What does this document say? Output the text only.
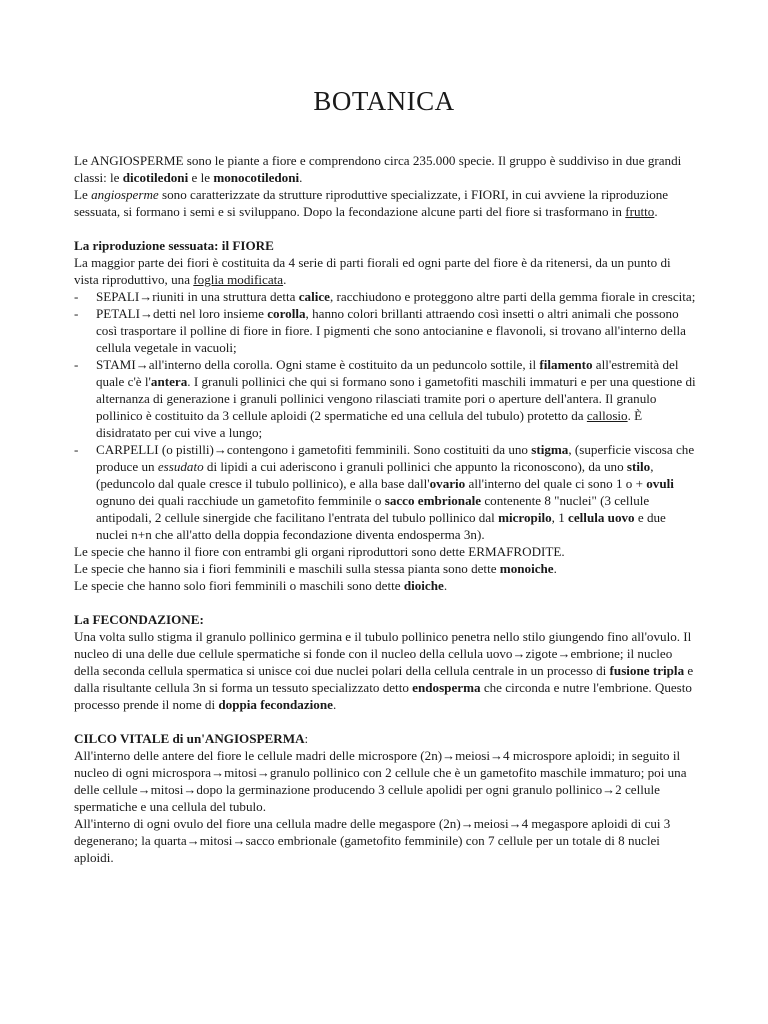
BOTANICA

Le ANGIOSPERME sono le piante a fiore e comprendono circa 235.000 specie. Il gruppo è suddiviso in due grandi classi: le dicotiledoni e le monocotiledoni.

Le angiosperme sono caratterizzate da strutture riproduttive specializzate, i FIORI, in cui avviene la riproduzione sessuata, si formano i semi e si sviluppano. Dopo la fecondazione alcune parti del fiore si trasformano in frutto.

La riproduzione sessuata: il FIORE

La maggior parte dei fiori è costituita da 4 serie di parti fiorali ed ogni parte del fiore è da ritenersi, da un punto di vista riproduttivo, una foglia modificata.

- SEPALI→riuniti in una struttura detta calice, racchiudono e proteggono altre parti della gemma fiorale in crescita;
- PETALI→detti nel loro insieme corolla, hanno colori brillanti attraendo così insetti o altri animali che possono così trasportare il polline di fiore in fiore. I pigmenti che sono antocianine e flavonoli, si trovano all'interno della cellula vegetale in vacuoli;
- STAMI→all'interno della corolla. Ogni stame è costituito da un peduncolo sottile, il filamento all'estremità del quale c'è l'antera. I granuli pollinici che qui si formano sono i gametofiti maschili immaturi e per una questione di alternanza di generazione i granuli pollinici vengono rilasciati tramite pori o aperture dell'antera. Il granulo pollinico è costituito da 3 cellule aploidi (2 spermatiche ed una cellula del tubulo) protetto da callosio. È disidratato per cui vive a lungo;
- CARPELLI (o pistilli)→contengono i gametofiti femminili. Sono costituiti da uno stigma, (superficie viscosa che produce un essudato di lipidi a cui aderiscono i granuli pollinici che appunto la riconoscono), da uno stilo, (peduncolo dal quale cresce il tubulo pollinico), e alla base dall'ovario all'interno del quale ci sono 1 o + ovuli ognuno dei quali racchiude un gametofito femminile o sacco embrionale contenente 8 "nuclei" (3 cellule antipodali, 2 cellule sinergide che facilitano l'entrata del tubulo pollinico dal micropilo, 1 cellula uovo e due nuclei n+n che all'atto della doppia fecondazione diventa endosperma 3n).

Le specie che hanno il fiore con entrambi gli organi riproduttori sono dette ERMAFRODITE.

Le specie che hanno sia i fiori femminili e maschili sulla stessa pianta sono dette monoiche.

Le specie che hanno solo fiori femminili o maschili sono dette dioiche.

La FECONDAZIONE:

Una volta sullo stigma il granulo pollinico germina e il tubulo pollinico penetra nello stilo giungendo fino all'ovulo. Il nucleo di una delle due cellule spermatiche si fonde con il nucleo della cellula uovo→zigote→embrione; il nucleo della seconda cellula spermatica si unisce coi due nuclei polari della cellula centrale in un processo di fusione tripla e dalla risultante cellula 3n si forma un tessuto specializzato detto endosperma che circonda e nutre l'embrione. Questo processo prende il nome di doppia fecondazione.

CILCO VITALE di un'ANGIOSPERMA:

All'interno delle antere del fiore le cellule madri delle microspore (2n)→meiosi→4 microspore aploidi; in seguito il nucleo di ogni microspora→mitosi→granulo pollinico con 2 cellule che è un gametofito maschile immaturo; poi una delle cellule→mitosi→dopo la germinazione producendo 3 cellule apolidi per ogni granulo pollinico→2 cellule spermatiche e una cellula del tubulo.

All'interno di ogni ovulo del fiore una cellula madre delle megaspore (2n)→meiosi→4 megaspore aploidi di cui 3 degenerano; la quarta→mitosi→sacco embrionale (gametofito femminile) con 7 cellule per un totale di 8 nuclei aploidi.
